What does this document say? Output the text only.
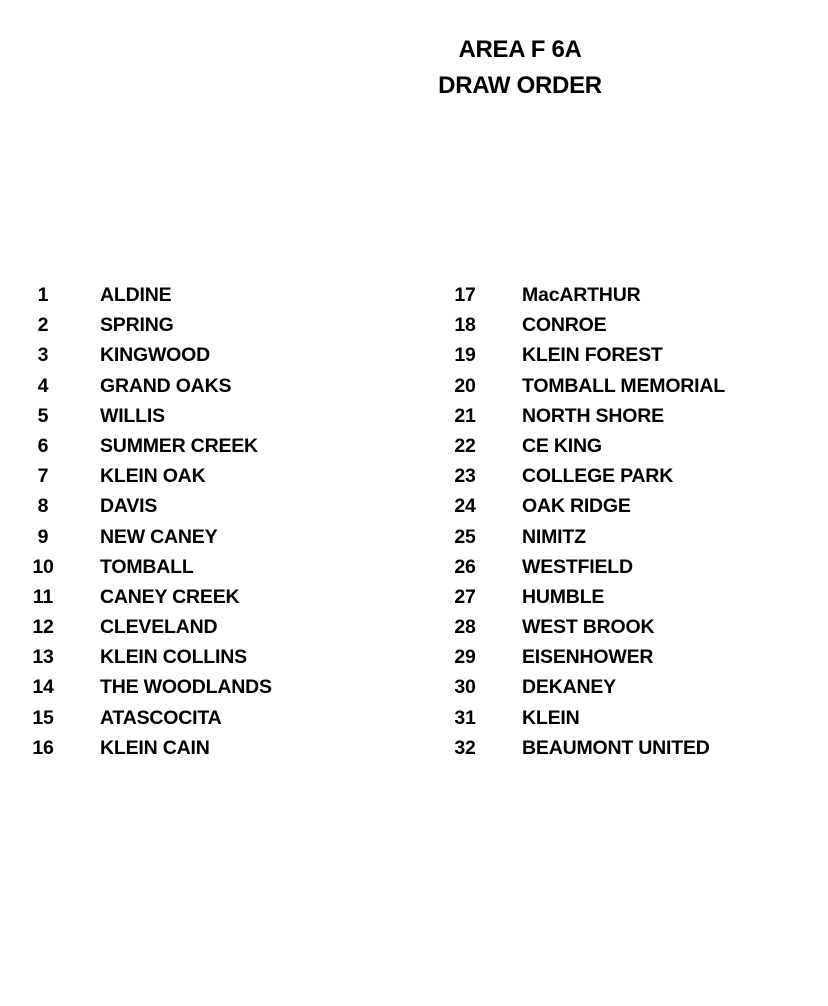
AREA F 6A
DRAW ORDER
1	ALDINE
2	SPRING
3	KINGWOOD
4	GRAND OAKS
5	WILLIS
6	SUMMER CREEK
7	KLEIN OAK
8	DAVIS
9	NEW CANEY
10 TOMBALL
11 CANEY CREEK
12 CLEVELAND
13 KLEIN COLLINS
14 THE WOODLANDS
15 ATASCOCITA
16 KLEIN CAIN
17 MacARTHUR
18 CONROE
19 KLEIN FOREST
20 TOMBALL MEMORIAL
21 NORTH SHORE
22 CE KING
23 COLLEGE PARK
24 OAK RIDGE
25 NIMITZ
26 WESTFIELD
27 HUMBLE
28 WEST BROOK
29 EISENHOWER
30 DEKANEY
31 KLEIN
32 BEAUMONT UNITED
